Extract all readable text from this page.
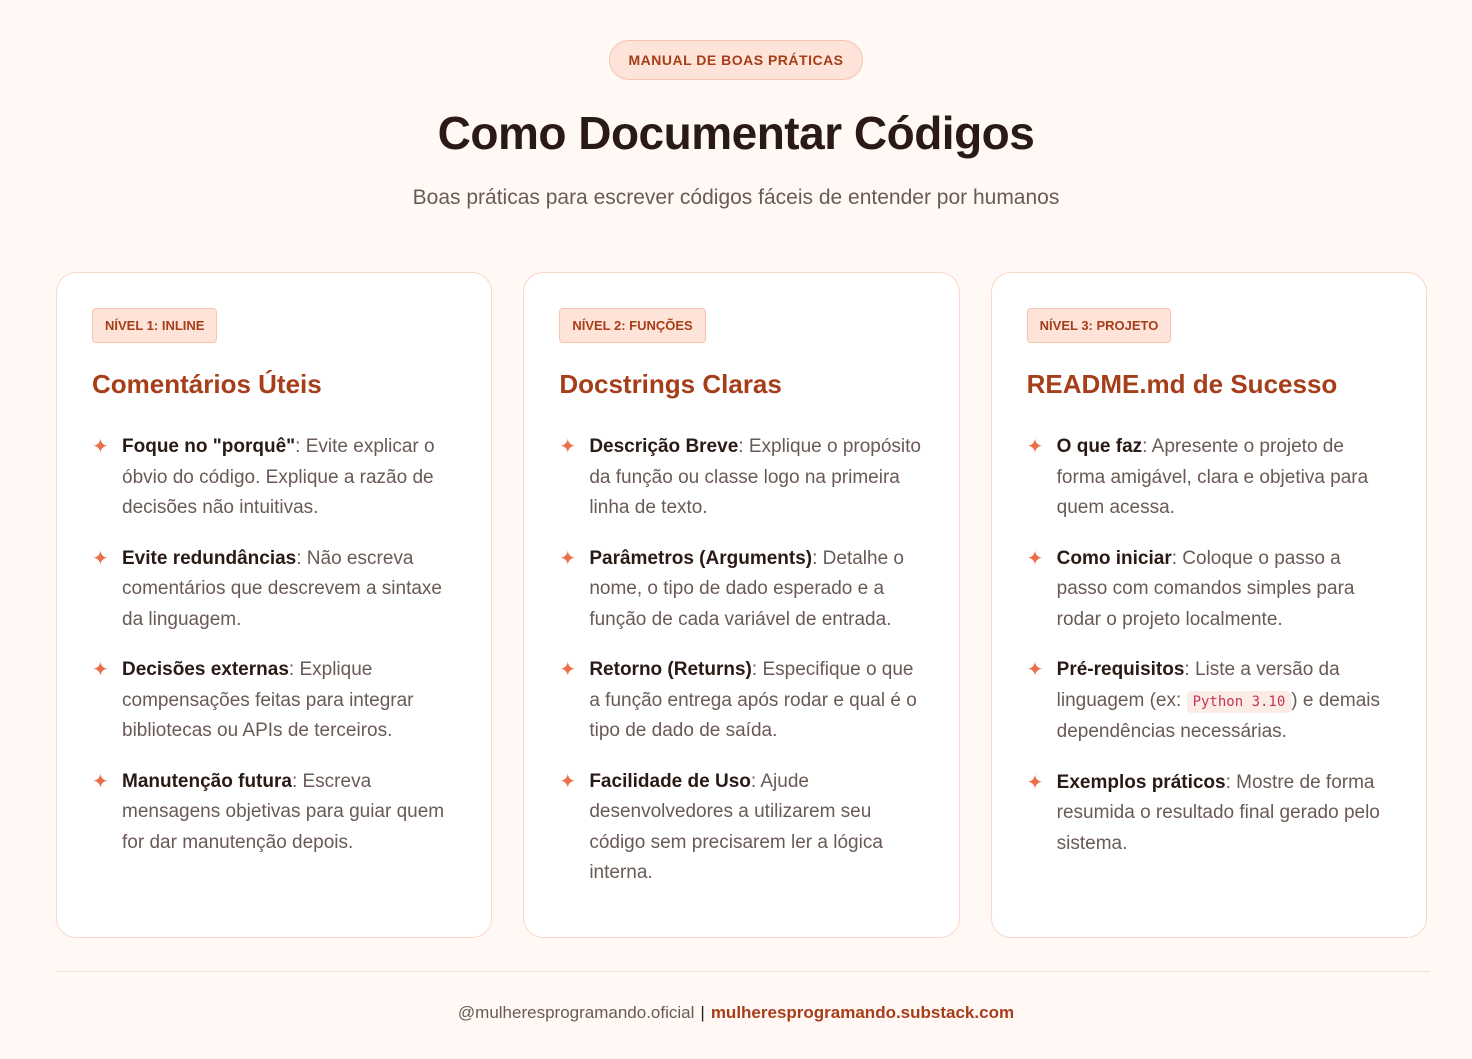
MANUAL DE BOAS PRÁTICAS
Como Documentar Códigos
Boas práticas para escrever códigos fáceis de entender por humanos
NÍVEL 1: INLINE
Comentários Úteis
✦ Foque no "porquê": Evite explicar o óbvio do código. Explique a razão de decisões não intuitivas.
✦ Evite redundâncias: Não escreva comentários que descrevem a sintaxe da linguagem.
✦ Decisões externas: Explique compensações feitas para integrar bibliotecas ou APIs de terceiros.
✦ Manutenção futura: Escreva mensagens objetivas para guiar quem for dar manutenção depois.
NÍVEL 2: FUNÇÕES
Docstrings Claras
✦ Descrição Breve: Explique o propósito da função ou classe logo na primeira linha de texto.
✦ Parâmetros (Arguments): Detalhe o nome, o tipo de dado esperado e a função de cada variável de entrada.
✦ Retorno (Returns): Especifique o que a função entrega após rodar e qual é o tipo de dado de saída.
✦ Facilidade de Uso: Ajude desenvolvedores a utilizarem seu código sem precisarem ler a lógica interna.
NÍVEL 3: PROJETO
README.md de Sucesso
✦ O que faz: Apresente o projeto de forma amigável, clara e objetiva para quem acessa.
✦ Como iniciar: Coloque o passo a passo com comandos simples para rodar o projeto localmente.
✦ Pré-requisitos: Liste a versão da linguagem (ex: Python 3.10 ) e demais dependências necessárias.
✦ Exemplos práticos: Mostre de forma resumida o resultado final gerado pelo sistema.
@mulheresprogramando.oficial | mulheresprogramando.substack.com
